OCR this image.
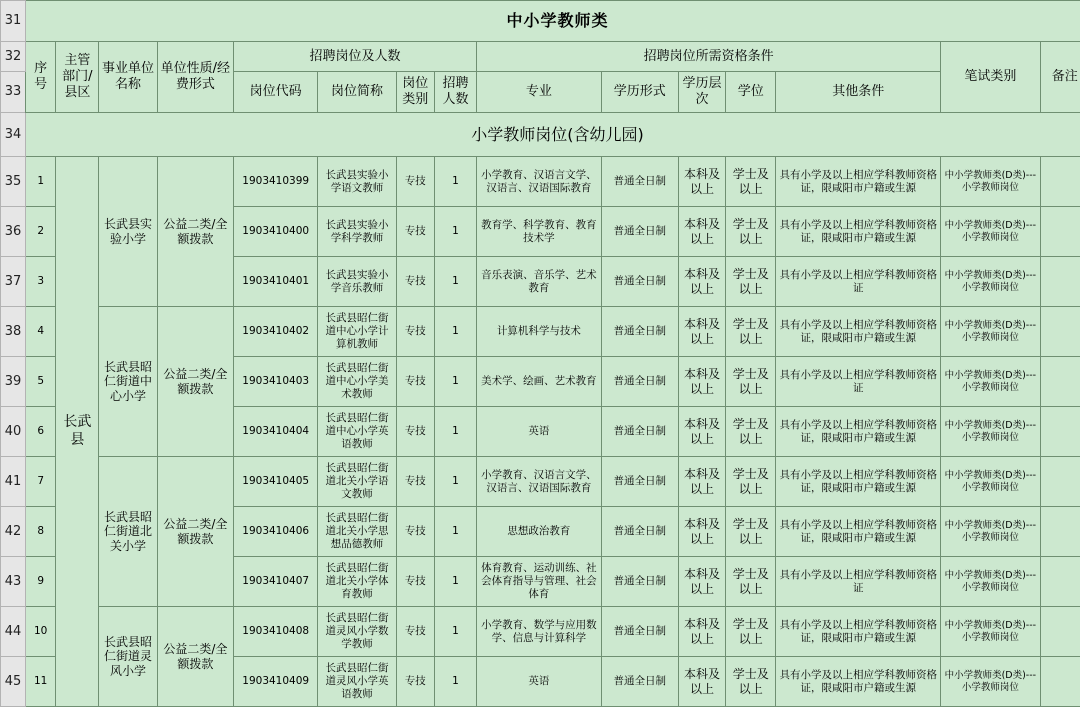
31	中小学教师类														
32	序号	主管部门/县区	事业单位名称	单位性质/经费形式	招聘岗位及人数				招聘岗位所需资格条件					笔试类别	备注
33					岗位代码	岗位简称	岗位类别	招聘人数	专业	学历形式	学历层次	学位	其他条件		
34	小学教师岗位(含幼儿园)														
35	1	长武县	长武县实验小学	公益二类/全额拨款	1903410399	长武县实验小学语文教师	专技	1	小学教育、汉语言文学、汉语言、汉语国际教育	普通全日制	本科及以上	学士及以上	具有小学及以上相应学科教师资格证，限咸阳市户籍或生源	中小学教师类(D类)---小学教师岗位	
36	2				1903410400	长武县实验小学科学教师	专技	1	教育学、科学教育、教育技术学	普通全日制	本科及以上	学士及以上	具有小学及以上相应学科教师资格证，限咸阳市户籍或生源	中小学教师类(D类)---小学教师岗位	
37	3				1903410401	长武县实验小学音乐教师	专技	1	音乐表演、音乐学、艺术教育	普通全日制	本科及以上	学士及以上	具有小学及以上相应学科教师资格证	中小学教师类(D类)---小学教师岗位	
38	4		长武县昭仁街道中心小学	公益二类/全额拨款	1903410402	长武县昭仁街道中心小学计算机教师	专技	1	计算机科学与技术	普通全日制	本科及以上	学士及以上	具有小学及以上相应学科教师资格证，限咸阳市户籍或生源	中小学教师类(D类)---小学教师岗位	
39	5				1903410403	长武县昭仁街道中心小学美术教师	专技	1	美术学、绘画、艺术教育	普通全日制	本科及以上	学士及以上	具有小学及以上相应学科教师资格证	中小学教师类(D类)---小学教师岗位	
40	6				1903410404	长武县昭仁街道中心小学英语教师	专技	1	英语	普通全日制	本科及以上	学士及以上	具有小学及以上相应学科教师资格证，限咸阳市户籍或生源	中小学教师类(D类)---小学教师岗位	
41	7		长武县昭仁街道北关小学	公益二类/全额拨款	1903410405	长武县昭仁街道北关小学语文教师	专技	1	小学教育、汉语言文学、汉语言、汉语国际教育	普通全日制	本科及以上	学士及以上	具有小学及以上相应学科教师资格证，限咸阳市户籍或生源	中小学教师类(D类)---小学教师岗位	
42	8				1903410406	长武县昭仁街道北关小学思想品德教师	专技	1	思想政治教育	普通全日制	本科及以上	学士及以上	具有小学及以上相应学科教师资格证，限咸阳市户籍或生源	中小学教师类(D类)---小学教师岗位	
43	9				1903410407	长武县昭仁街道北关小学体育教师	专技	1	体育教育、运动训练、社会体育指导与管理、社会体育	普通全日制	本科及以上	学士及以上	具有小学及以上相应学科教师资格证	中小学教师类(D类)---小学教师岗位	
44	10		长武县昭仁街道灵风小学	公益二类/全额拨款	1903410408	长武县昭仁街道灵风小学数学教师	专技	1	小学教育、数学与应用数学、信息与计算科学	普通全日制	本科及以上	学士及以上	具有小学及以上相应学科教师资格证，限咸阳市户籍或生源	中小学教师类(D类)---小学教师岗位	
45	11				1903410409	长武县昭仁街道灵风小学英语教师	专技	1	英语	普通全日制	本科及以上	学士及以上	具有小学及以上相应学科教师资格证，限咸阳市户籍或生源	中小学教师类(D类)---小学教师岗位	
